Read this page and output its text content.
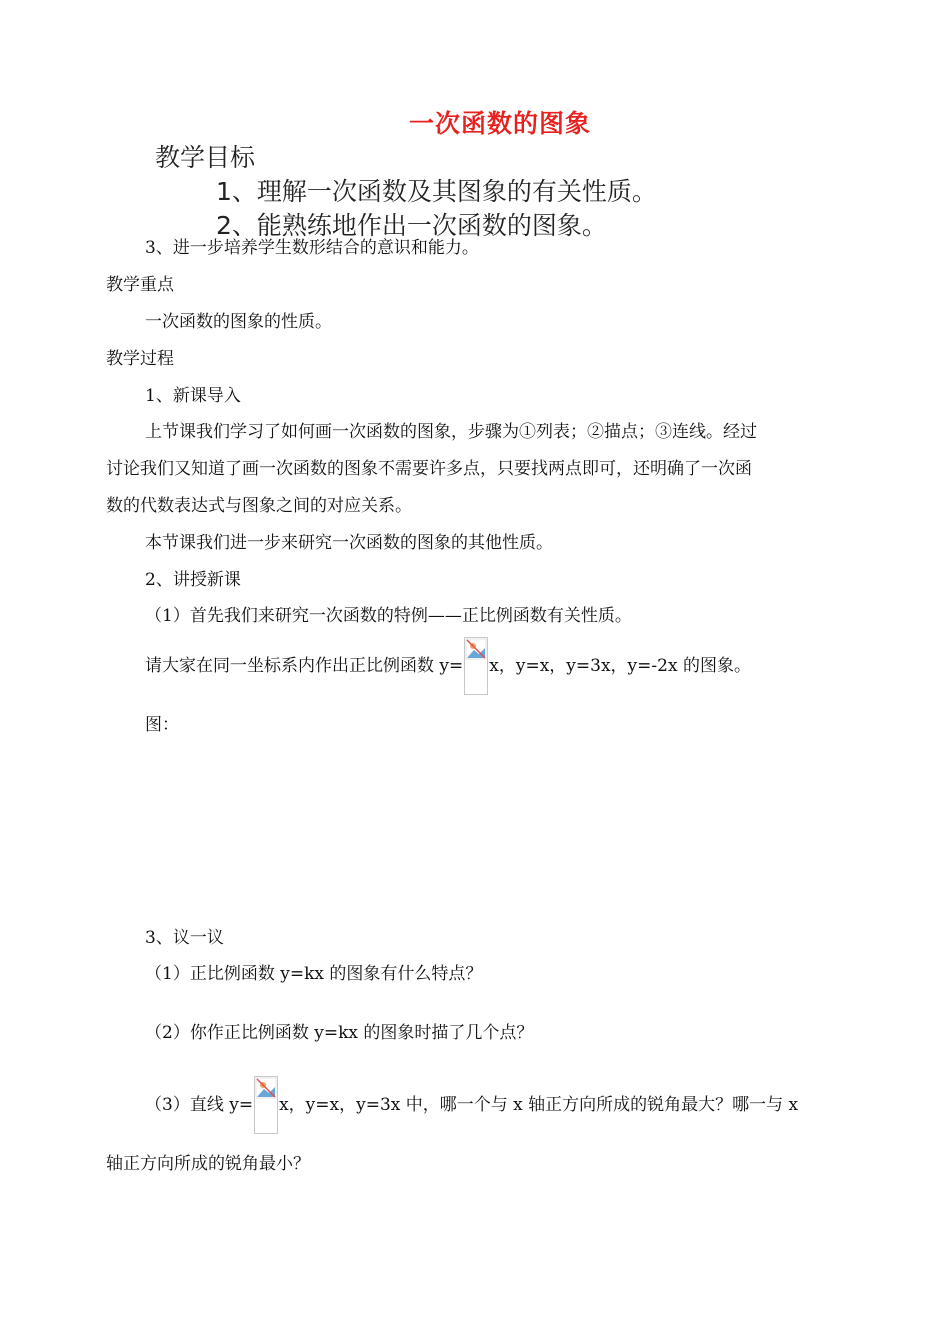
一次函数的图象
教学目标
1、理解一次函数及其图象的有关性质。
2、能熟练地作出一次函数的图象。
3、进一步培养学生数形结合的意识和能力。
教学重点
一次函数的图象的性质。
教学过程
1、新课导入
上节课我们学习了如何画一次函数的图象，步骤为①列表；②描点；③连线。经过
讨论我们又知道了画一次函数的图象不需要许多点，只要找两点即可，还明确了一次函
数的代数表达式与图象之间的对应关系。
本节课我们进一步来研究一次函数的图象的其他性质。
2、讲授新课
（1）首先我们来研究一次函数的特例——正比例函数有关性质。
请大家在同一坐标系内作出正比例函数 y= x，y=x，y=3x，y=-2x 的图象。
图：
3、议一议
（1）正比例函数 y=kx 的图象有什么特点？
（2）你作正比例函数 y=kx 的图象时描了几个点？
（3）直线 y= x，y=x，y=3x 中，哪一个与 x 轴正方向所成的锐角最大？哪一与 x
轴正方向所成的锐角最小？
